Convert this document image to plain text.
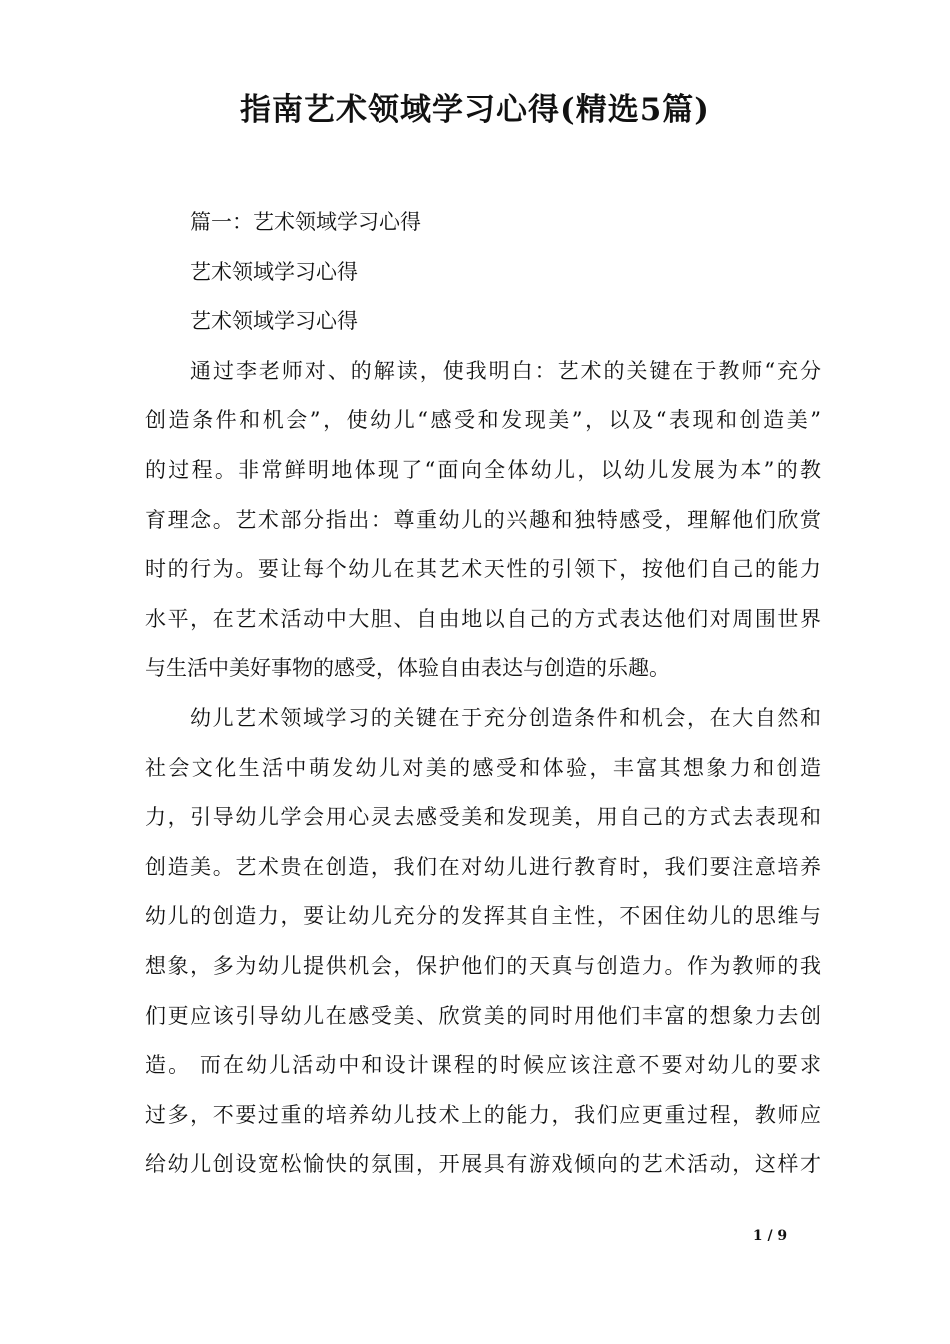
指南艺术领域学习心得(精选5篇)

篇一：艺术领域学习心得

艺术领域学习心得

艺术领域学习心得

通过李老师对、的解读，使我明白：艺术的关键在于教师“充分

创造条件和机会”，使幼儿“感受和发现美”，以及“表现和创造美”

的过程。非常鲜明地体现了“面向全体幼儿，以幼儿发展为本”的教

育理念。艺术部分指出：尊重幼儿的兴趣和独特感受，理解他们欣赏

时的行为。要让每个幼儿在其艺术天性的引领下，按他们自己的能力

水平，在艺术活动中大胆、自由地以自己的方式表达他们对周围世界

与生活中美好事物的感受，体验自由表达与创造的乐趣。

幼儿艺术领域学习的关键在于充分创造条件和机会，在大自然和

社会文化生活中萌发幼儿对美的感受和体验，丰富其想象力和创造

力，引导幼儿学会用心灵去感受美和发现美，用自己的方式去表现和

创造美。艺术贵在创造，我们在对幼儿进行教育时，我们要注意培养

幼儿的创造力，要让幼儿充分的发挥其自主性，不困住幼儿的思维与

想象，多为幼儿提供机会，保护他们的天真与创造力。作为教师的我

们更应该引导幼儿在感受美、欣赏美的同时用他们丰富的想象力去创

造。 而在幼儿活动中和设计课程的时候应该注意不要对幼儿的要求

过多，不要过重的培养幼儿技术上的能力，我们应更重过程，教师应

给幼儿创设宽松愉快的氛围，开展具有游戏倾向的艺术活动，这样才

1 / 9
